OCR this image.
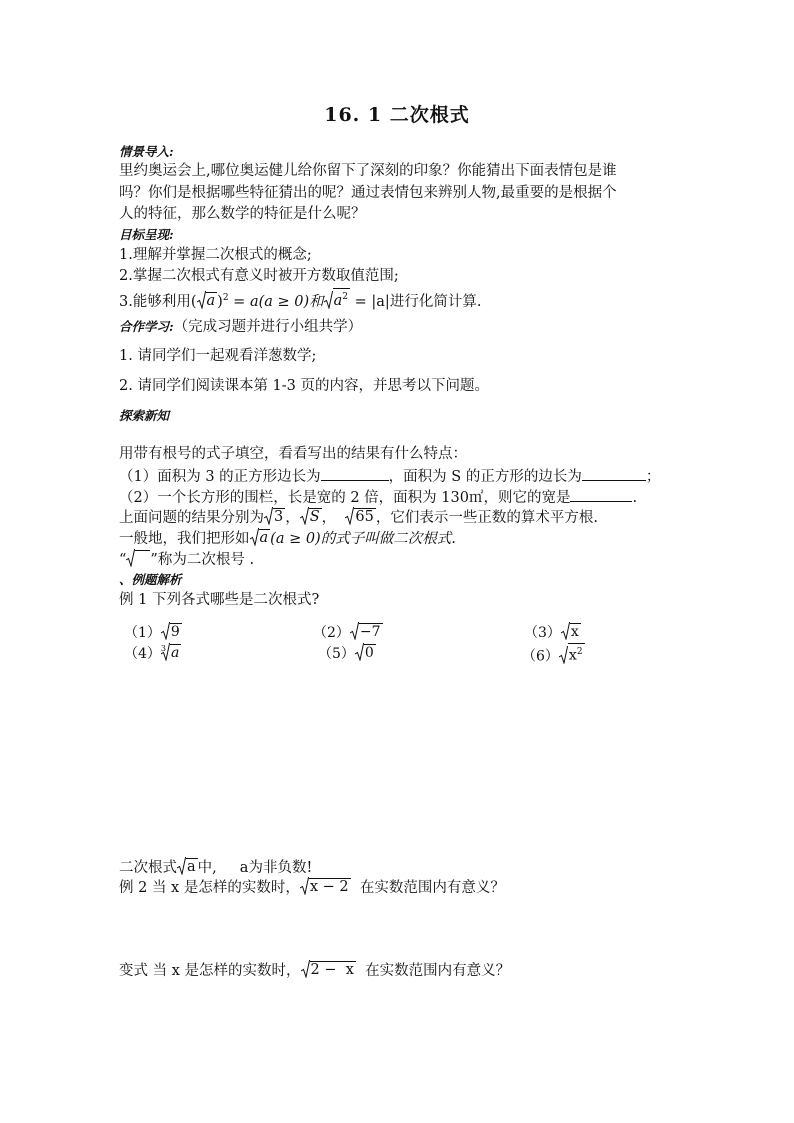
16. 1 二次根式
情景导入:
里约奥运会上,哪位奥运健儿给你留下了深刻的印象？你能猜出下面表情包是谁
吗？你们是根据哪些特征猜出的呢？通过表情包来辨别人物,最重要的是根据个
人的特征，那么数学的特征是什么呢？
目标呈现:
1.理解并掌握二次根式的概念;
2.掌握二次根式有意义时被开方数取值范围;
3.能够利用( a )$^2$ = a(a ≥ 0)和 $a^2 = |a|$进行化简计算.
合作学习:（完成习题并进行小组共学）
1. 请同学们一起观看洋葱数学;
2. 请同学们阅读课本第 1-3 页的内容，并思考以下问题。
探索新知
用带有根号的式子填空，看看写出的结果有什么特点：
（1）面积为 3 的正方形边长为	，面积为 S 的正方形的边长为	；
（2）一个长方形的围栏，长是宽的 2 倍，面积为 130㎡，则它的宽是	.
上面问题的结果分别为 3 ， S ， 65 ，它们表示一些正数的算术平方根.
一般地，我们把形如 a (a ≥ 0)的式子叫做二次根式.
“ ”称为二次根号 .
、例题解析
例 1 下列各式哪些是二次根式?
（1） 9	（2） −7	（3） x
$(4)^3$ a	（5） 0	（6） $x^2$
二次根式 a 中,     a为非负数!
例 2 当 x 是怎样的实数时， x − 2 在实数范围内有意义？
变式 当 x 是怎样的实数时， 2 −  x 在实数范围内有意义？
